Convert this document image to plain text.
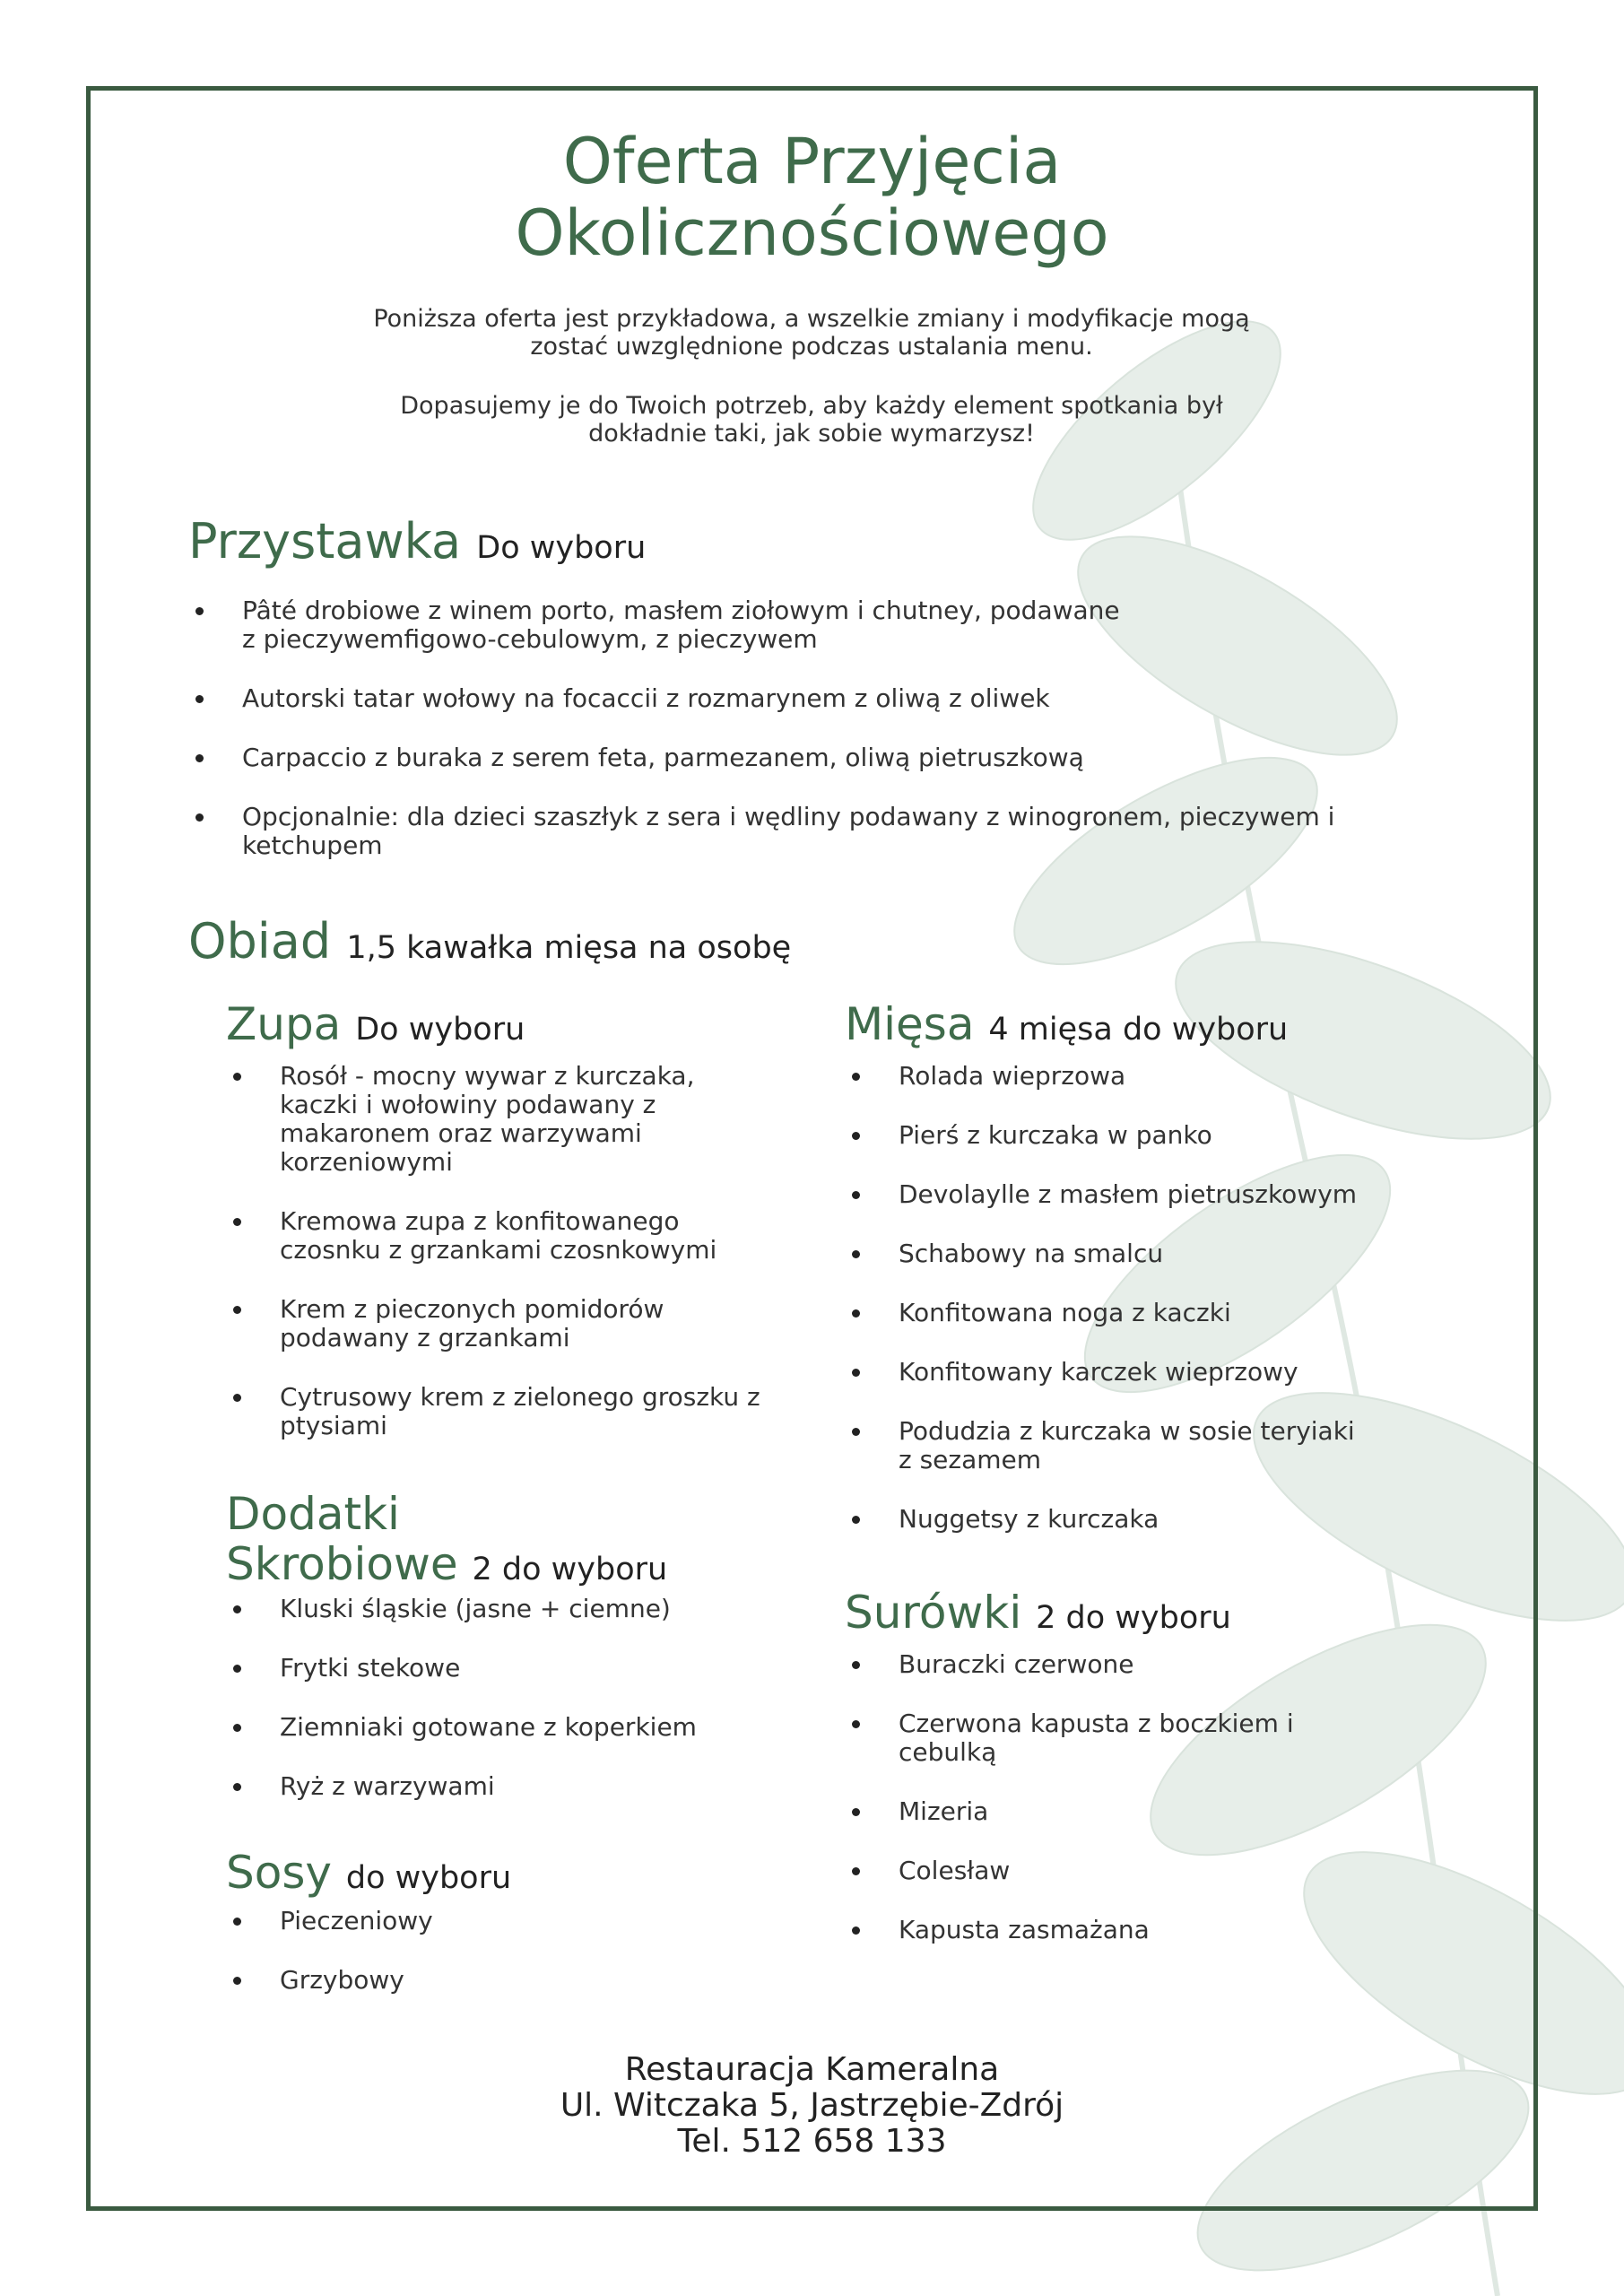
Oferta Przyjęcia
Okolicznościowego
Poniższa oferta jest przykładowa, a wszelkie zmiany i modyfikacje mogą
zostać uwzględnione podczas ustalania menu.
Dopasujemy je do Twoich potrzeb, aby każdy element spotkania był
dokładnie taki, jak sobie wymarzysz!
Przystawka Do wyboru
Pâté drobiowe z winem porto, masłem ziołowym i chutney, podawane
z pieczywemfigowo-cebulowym, z pieczywem
Autorski tatar wołowy na focaccii z rozmarynem z oliwą z oliwek
Carpaccio z buraka z serem feta, parmezanem, oliwą pietruszkową
Opcjonalnie: dla dzieci szaszłyk z sera i wędliny podawany z winogronem, pieczywem i
ketchupem
Obiad 1,5 kawałka mięsa na osobę
Zupa Do wyboru
Rosół - mocny wywar z kurczaka,
kaczki i wołowiny podawany z
makaronem oraz warzywami
korzeniowymi
Kremowa zupa z konfitowanego
czosnku z grzankami czosnkowymi
Krem z pieczonych pomidorów
podawany z grzankami
Cytrusowy krem z zielonego groszku z
ptysiami
Dodatki
Skrobiowe 2 do wyboru
Kluski śląskie (jasne + ciemne)
Frytki stekowe
Ziemniaki gotowane z koperkiem
Ryż z warzywami
Sosy do wyboru
Pieczeniowy
Grzybowy
Mięsa 4 mięsa do wyboru
Rolada wieprzowa
Pierś z kurczaka w panko
Devolaylle z masłem pietruszkowym
Schabowy na smalcu
Konfitowana noga z kaczki
Konfitowany karczek wieprzowy
Podudzia z kurczaka w sosie teryiaki
z sezamem
Nuggetsy z kurczaka
Surówki 2 do wyboru
Buraczki czerwone
Czerwona kapusta z boczkiem i
cebulką
Mizeria
Colesław
Kapusta zasmażana
Restauracja Kameralna
Ul. Witczaka 5, Jastrzębie-Zdrój
Tel. 512 658 133
